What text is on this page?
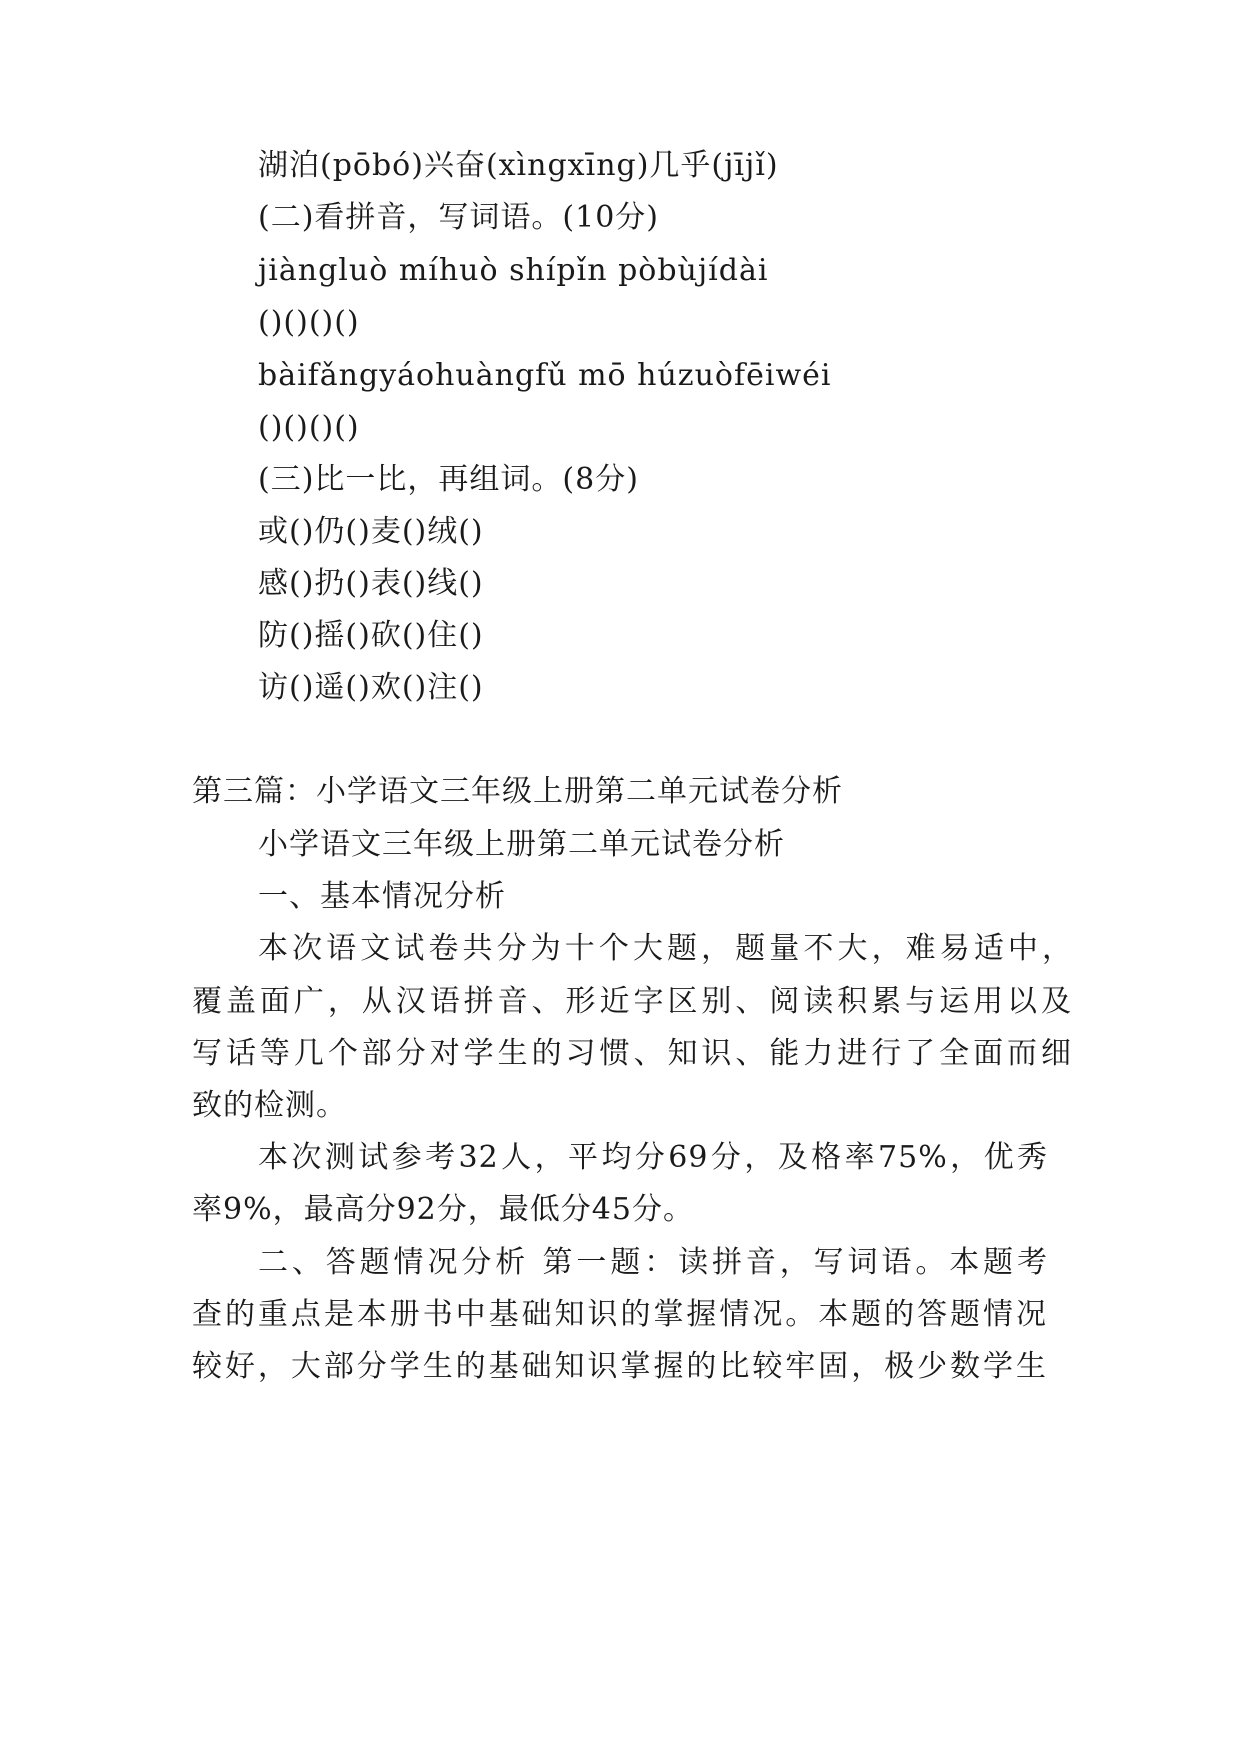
湖泊(pōbó)兴奋(xìngxīng)几乎(jījǐ)
(二)看拼音，写词语。(10分)
jiàngluò míhuò shípǐn pòbùjídài
()()()()
bàifǎngyáohuàngfǔ mō húzuòfēiwéi
()()()()
(三)比一比，再组词。(8分)
或()仍()麦()绒()
感()扔()表()线()
防()摇()砍()住()
访()遥()欢()注()
第三篇：小学语文三年级上册第二单元试卷分析
小学语文三年级上册第二单元试卷分析
一、基本情况分析
本次语文试卷共分为十个大题，题量不大，难易适中，
覆盖面广，从汉语拼音、形近字区别、阅读积累与运用以及
写话等几个部分对学生的习惯、知识、能力进行了全面而细
致的检测。
本次测试参考32人，平均分69分，及格率75%，优秀
率9%，最高分92分，最低分45分。
二、答题情况分析 第一题：读拼音，写词语。本题考
查的重点是本册书中基础知识的掌握情况。本题的答题情况
较好，大部分学生的基础知识掌握的比较牢固，极少数学生
